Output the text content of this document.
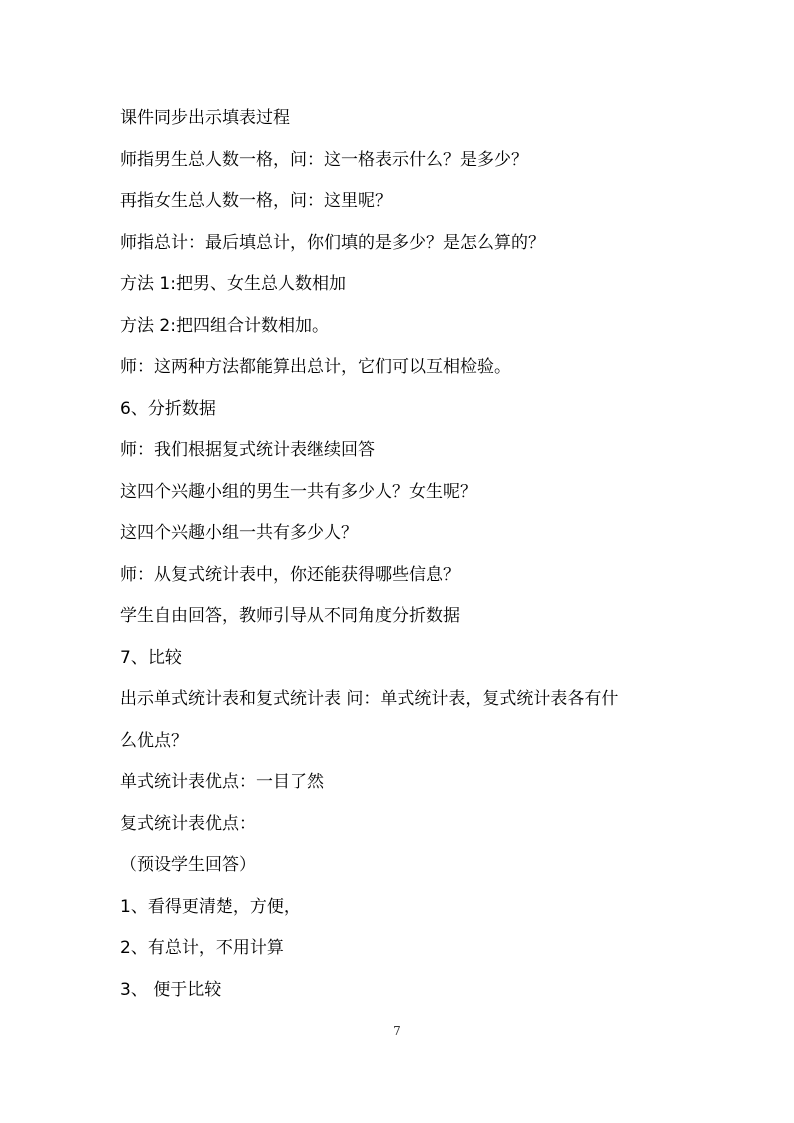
课件同步出示填表过程
师指男生总人数一格，问：这一格表示什么？是多少？
再指女生总人数一格，问：这里呢？
师指总计：最后填总计，你们填的是多少？是怎么算的？
方法 1:把男、女生总人数相加
方法 2:把四组合计数相加。
师：这两种方法都能算出总计，它们可以互相检验。
6、分折数据
师：我们根据复式统计表继续回答
这四个兴趣小组的男生一共有多少人？女生呢？
这四个兴趣小组一共有多少人？
师：从复式统计表中，你还能获得哪些信息？
学生自由回答，教师引导从不同角度分折数据
7、比较
出示单式统计表和复式统计表 问：单式统计表，复式统计表各有什
么优点？
单式统计表优点：一目了然
复式统计表优点：
（预设学生回答）
1、看得更清楚，方便，
2、有总计，不用计算
3、 便于比较
7
